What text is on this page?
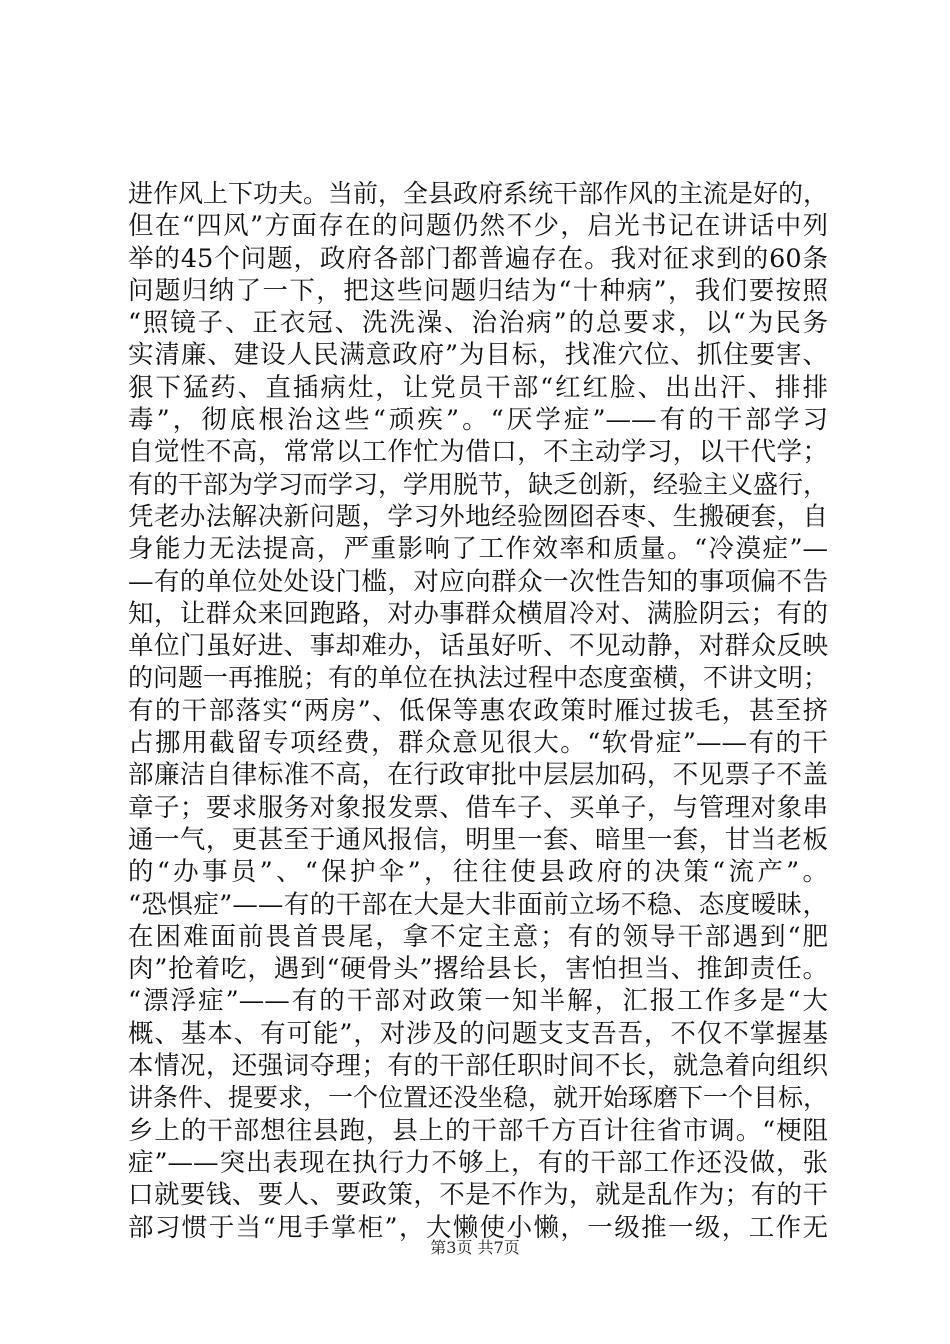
进作风上下功夫。当前，全县政府系统干部作风的主流是好的，
但在“四风”方面存在的问题仍然不少，启光书记在讲话中列
举的45个问题，政府各部门都普遍存在。我对征求到的60条
问题归纳了一下，把这些问题归结为“十种病”，我们要按照
“照镜子、正衣冠、洗洗澡、治治病”的总要求，以“为民务
实清廉、建设人民满意政府”为目标，找准穴位、抓住要害、
狠下猛药、直插病灶，让党员干部“红红脸、出出汗、排排
毒”，彻底根治这些“顽疾”。“厌学症”——有的干部学习
自觉性不高，常常以工作忙为借口，不主动学习，以干代学；
有的干部为学习而学习，学用脱节，缺乏创新，经验主义盛行，
凭老办法解决新问题，学习外地经验囫囵吞枣、生搬硬套，自
身能力无法提高，严重影响了工作效率和质量。“冷漠症”—
—有的单位处处设门槛，对应向群众一次性告知的事项偏不告
知，让群众来回跑路，对办事群众横眉冷对、满脸阴云；有的
单位门虽好进、事却难办，话虽好听、不见动静，对群众反映
的问题一再推脱；有的单位在执法过程中态度蛮横，不讲文明；
有的干部落实“两房”、低保等惠农政策时雁过拔毛，甚至挤
占挪用截留专项经费，群众意见很大。“软骨症”——有的干
部廉洁自律标准不高，在行政审批中层层加码，不见票子不盖
章子；要求服务对象报发票、借车子、买单子，与管理对象串
通一气，更甚至于通风报信，明里一套、暗里一套，甘当老板
的“办事员”、“保护伞”，往往使县政府的决策“流产”。
“恐惧症”——有的干部在大是大非面前立场不稳、态度暧昧，
在困难面前畏首畏尾，拿不定主意；有的领导干部遇到“肥
肉”抢着吃，遇到“硬骨头”撂给县长，害怕担当、推卸责任。
“漂浮症”——有的干部对政策一知半解，汇报工作多是“大
概、基本、有可能”，对涉及的问题支支吾吾，不仅不掌握基
本情况，还强词夺理；有的干部任职时间不长，就急着向组织
讲条件、提要求，一个位置还没坐稳，就开始琢磨下一个目标，
乡上的干部想往县跑，县上的干部千方百计往省市调。“梗阻
症”——突出表现在执行力不够上，有的干部工作还没做，张
口就要钱、要人、要政策，不是不作为，就是乱作为；有的干
部习惯于当“甩手掌柜”，大懒使小懒，一级推一级，工作无
第3页 共7页
